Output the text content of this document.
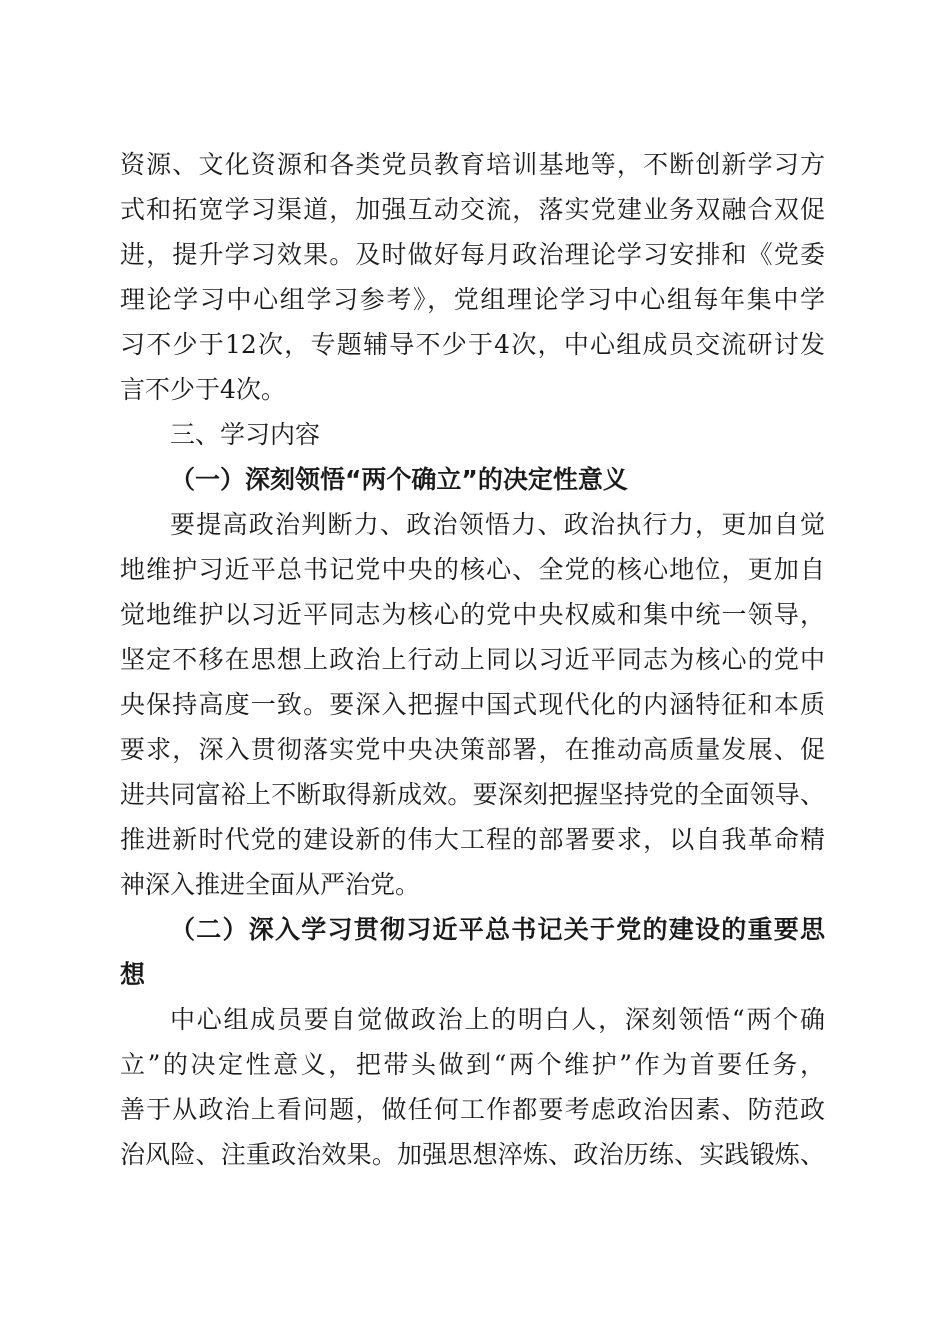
资源、文化资源和各类党员教育培训基地等，不断创新学习方
式和拓宽学习渠道，加强互动交流，落实党建业务双融合双促
进，提升学习效果。及时做好每月政治理论学习安排和《党委
理论学习中心组学习参考》，党组理论学习中心组每年集中学
习不少于12次，专题辅导不少于4次，中心组成员交流研讨发
言不少于4次。
三、学习内容
（一）深刻领悟“两个确立”的决定性意义
要提高政治判断力、政治领悟力、政治执行力，更加自觉
地维护习近平总书记党中央的核心、全党的核心地位，更加自
觉地维护以习近平同志为核心的党中央权威和集中统一领导，
坚定不移在思想上政治上行动上同以习近平同志为核心的党中
央保持高度一致。要深入把握中国式现代化的内涵特征和本质
要求，深入贯彻落实党中央决策部署，在推动高质量发展、促
进共同富裕上不断取得新成效。要深刻把握坚持党的全面领导、
推进新时代党的建设新的伟大工程的部署要求，以自我革命精
神深入推进全面从严治党。
（二）深入学习贯彻习近平总书记关于党的建设的重要思
想
中心组成员要自觉做政治上的明白人，深刻领悟“两个确
立”的决定性意义，把带头做到“两个维护”作为首要任务，
善于从政治上看问题，做任何工作都要考虑政治因素、防范政
治风险、注重政治效果。加强思想淬炼、政治历练、实践锻炼、
